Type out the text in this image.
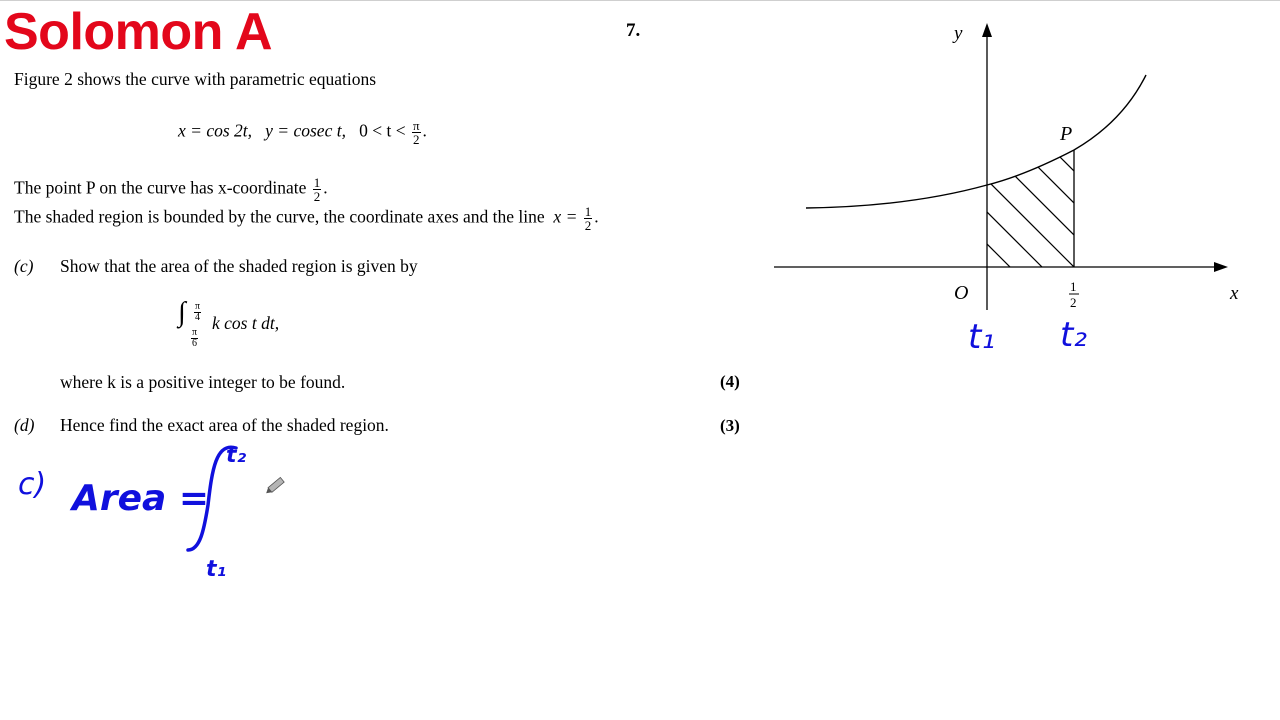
Solomon A	7.
Figure 2 shows the curve with parametric equations
x = cos 2t, y = cosec t, $0 < t < \frac{\pi}{2}$ .
The point P on the curve has x-coordinate $\frac{1}{2}$ .
The shaded region is bounded by the curve, the coordinate axes and the line $x = \frac{1}{2}$ .
(c) Show that the area of the shaded region is given by
∫ $\frac{\pi}{4}$
$\frac{\pi}{6}$
k cos t dt,
where k is a positive integer to be found.	(4)
(d) Hence find the exact area of the shaded region.	(3)
y
x
O
P
1
2
t₁ t₂
c) Area =
t₂
t₁
